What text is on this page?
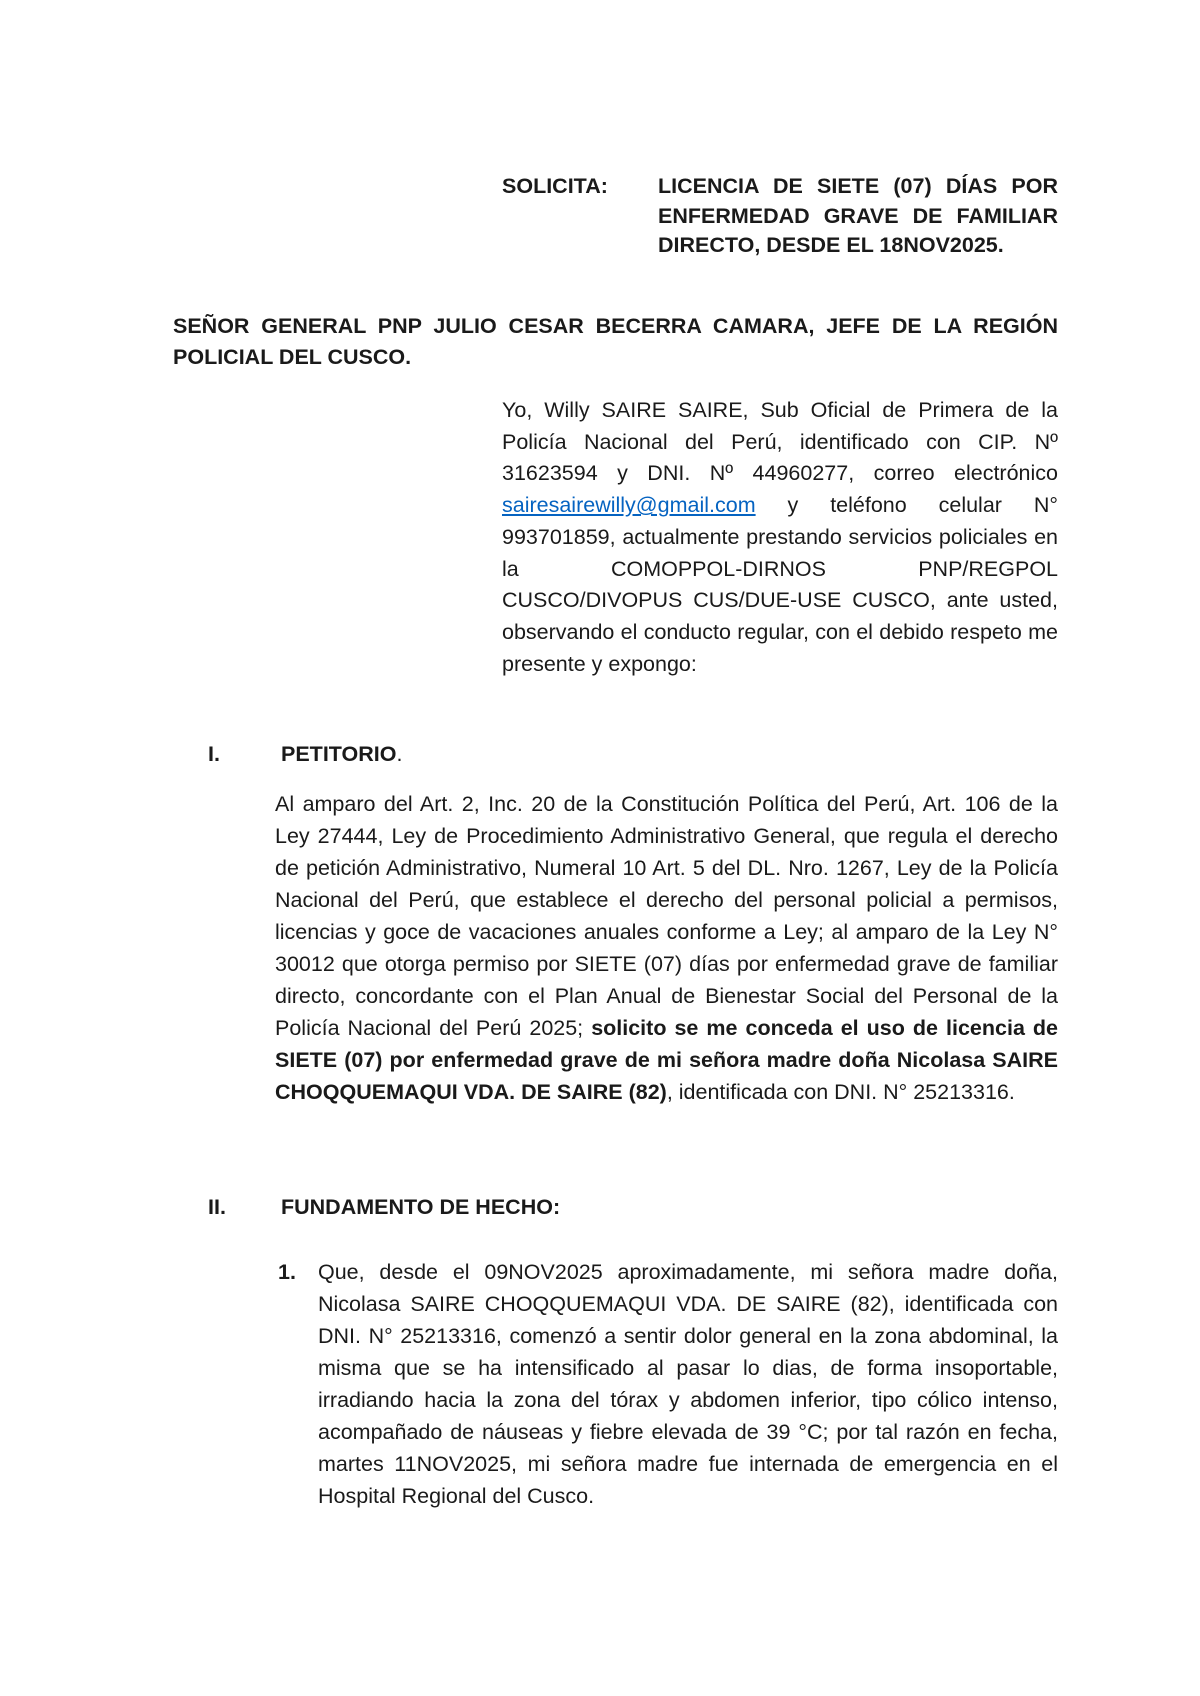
SOLICITA: LICENCIA DE SIETE (07) DÍAS POR ENFERMEDAD GRAVE DE FAMILIAR DIRECTO, DESDE EL 18NOV2025.
SEÑOR GENERAL PNP JULIO CESAR BECERRA CAMARA, JEFE DE LA REGIÓN POLICIAL DEL CUSCO.
Yo, Willy SAIRE SAIRE, Sub Oficial de Primera de la Policía Nacional del Perú, identificado con CIP. Nº 31623594 y DNI. Nº 44960277, correo electrónico sairesairewilly@gmail.com y teléfono celular N° 993701859, actualmente prestando servicios policiales en la COMOPPOL-DIRNOS PNP/REGPOL CUSCO/DIVOPUS CUS/DUE-USE CUSCO, ante usted, observando el conducto regular, con el debido respeto me presente y expongo:
I.	PETITORIO.
Al amparo del Art. 2, Inc. 20 de la Constitución Política del Perú, Art. 106 de la Ley 27444, Ley de Procedimiento Administrativo General, que regula el derecho de petición Administrativo, Numeral 10 Art. 5 del DL. Nro. 1267, Ley de la Policía Nacional del Perú, que establece el derecho del personal policial a permisos, licencias y goce de vacaciones anuales conforme a Ley; al amparo de la Ley N° 30012 que otorga permiso por SIETE (07) días por enfermedad grave de familiar directo, concordante con el Plan Anual de Bienestar Social del Personal de la Policía Nacional del Perú 2025; solicito se me conceda el uso de licencia de SIETE (07) por enfermedad grave de mi señora madre doña Nicolasa SAIRE CHOQQUEMAQUI VDA. DE SAIRE (82), identificada con DNI. N° 25213316.
II.	FUNDAMENTO DE HECHO:
1. Que, desde el 09NOV2025 aproximadamente, mi señora madre doña, Nicolasa SAIRE CHOQQUEMAQUI VDA. DE SAIRE (82), identificada con DNI. N° 25213316, comenzó a sentir dolor general en la zona abdominal, la misma que se ha intensificado al pasar lo dias, de forma insoportable, irradiando hacia la zona del tórax y abdomen inferior, tipo cólico intenso, acompañado de náuseas y fiebre elevada de 39 °C; por tal razón en fecha, martes 11NOV2025, mi señora madre fue internada de emergencia en el Hospital Regional del Cusco.
